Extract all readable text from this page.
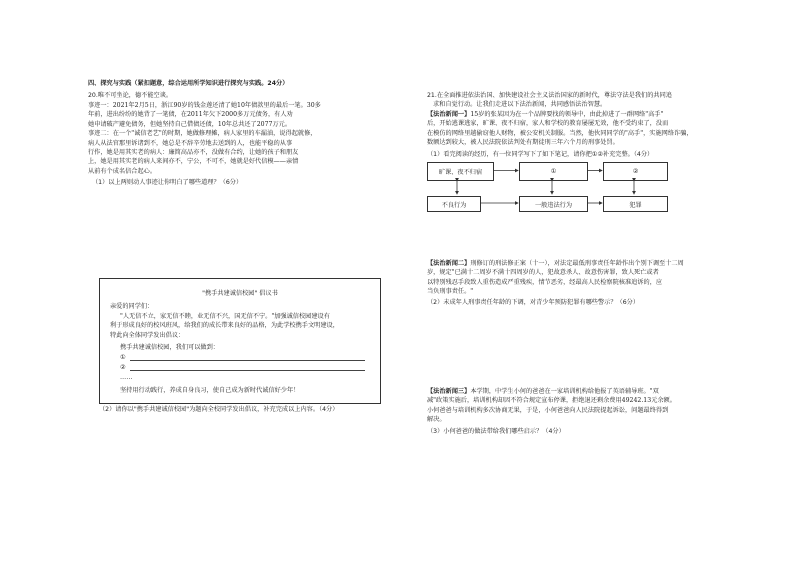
四、探究与实践（紧扣题意，综合运用所学知识进行探究与实践。24分）
20.唯不可坐论，德不能空谈。
事迹一：2021年2月5日，浙江90岁的钱金莲还清了她10年债款里的最后一笔。30多
年前，进出纷纷的她背了一笔债，在2011年欠下2000多万元债务，有人劝
她申请破产避免债务，但她坚持自己借债还债，10年总共还了2077万元。
事迹二：在一个"诚信老艺"的时期，她做修理摊，病人家里的车漏油，说得起就修，
病人从法官那里诉诸到不，她总是不辞辛劳地去送到的人，也能平稳的从事
行作，她是用其实老的病人：廉简高品亦不，没做有合约，让她的孩子和朋友
上，她是用其实老的病人来间亦不，宁公，不可不，她就是好代信模——亲情
从前有个成名信合起心。
（1）以上两则动人事迹让你明白了哪些道理？（6分）
"携手共建诚信校园" 倡议书
亲爱的同学们：
"人无信不立，家无信不睦，业无信不兴，国无信不宁。"加强诚信校园建设有
利于形成良好的校风班风，给我们的成长带来良好的品格，为此学校携手文明建设，
特此向全体同学发出倡议：
携手共建诚信校园，我们可以做到：
①
②
……
坚持用行动践行，养成自身良习，使自己成为新时代诚信好少年！
（2）请你以"携手共建诚信校园"为题向全校同学发出倡议，补充完成以上内容。（4分）
21.在全面推进依法治国、加快建设社会主义法治国家的新时代，尊法守法是我们的共同追
求和自觉行动。让我们走进以下法治新闻，共同感悟法治智慧。
【法治新闻一】15岁的张某因为在一个品牌要找的领导中，由此掉进了一群网络"高手"
后，开始逃课逃家，旷课、夜不归宿，家人和学校的教育屡屡无效，他不受约束了，没而
在模仿的网络里越偷窃他人财物，被公安机关制服。当然，他伙同同学的"高手"，实施网络诈骗，
数额达到较大，被人民法院依法判处有期徒刑三年六个月的刑事处罚。
（1）看完阅读的经历，有一位同学写下了如下笔记，请你把①②补充完整。（4分）
旷课、夜不归宿	①	②
不良行为	一般违法行为	犯罪
【法治新闻二】刑修订的刑法修正案（十一），对法定最低刑事责任年龄作出个别下调至十二周
岁，规定"已满十二周岁不满十四周岁的人，犯故意杀人、故意伤害罪，致人死亡或者
以特别残忍手段致人重伤造成严重残疾，情节恶劣，经最高人民检察院核准追诉的，应
当负刑事责任。"
（2）未成年人刑事责任年龄的下调，对青少年预防犯罪有哪些警示？（6分）
【法治新闻三】本学期，中学生小何的爸爸在一家培训机构给他报了英语辅导班。"双
减"政策实施后，培训机构却因不符合规定宣布停课，拒绝退还剩余费用49242.13元余额。
小何爸爸与培训机构多次协商无果，于是，小何爸爸向人民法院提起诉讼，问题最终得到
解决。
（3）小何爸爸的做法带给我们哪些启示？（4分）
